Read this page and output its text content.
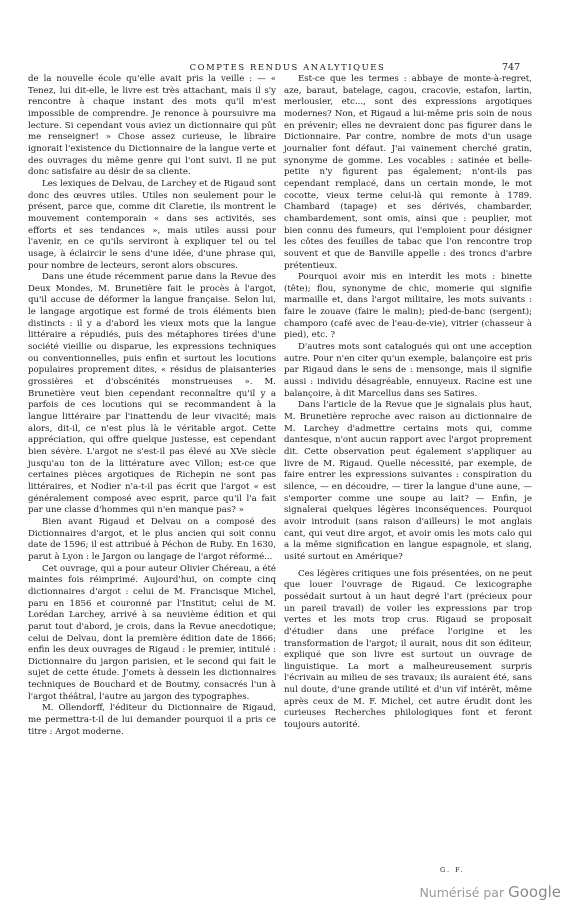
COMPTES RENDUS ANALYTIQUES	747

de la nouvelle école qu'elle avait pris la veille : — « Tenez, lui dit-elle, le livre est très attachant, mais il s'y rencontre à chaque instant des mots qu'il m'est impossible de comprendre. Je renonce à poursuivre ma lecture. Si cependant vous aviez un dictionnaire qui pût me renseigner! » Chose assez curieuse, le libraire ignorait l'existence du Dictionnaire de la langue verte et des ouvrages du même genre qui l'ont suivi. Il ne put donc satisfaire au désir de sa cliente.

Les lexiques de Delvau, de Larchey et de Rigaud sont donc des œuvres utiles. Utiles non seulement pour le présent, parce que, comme dit Claretie, ils montrent le mouvement contemporain « dans ses activités, ses efforts et ses tendances », mais utiles aussi pour l'avenir, en ce qu'ils serviront à expliquer tel ou tel usage, à éclaircir le sens d'une idée, d'une phrase qui, pour nombre de lecteurs, seront alors obscures.

Dans une étude récemment parue dans la Revue des Deux Mondes, M. Brunetière fait le procès à l'argot, qu'il accuse de déformer la langue française. Selon lui, le langage argotique est formé de trois éléments bien distincts : il y a d'abord les vieux mots que la langue littéraire a répudiés, puis des métaphores tirées d'une société vieillie ou disparue, les expressions techniques ou conventionnelles, puis enfin et surtout les locutions populaires proprement dites, « résidus de plaisanteries grossières et d'obscénités monstrueuses ». M. Brunetière veut bien cependant reconnaître qu'il y a parfois de ces locutions qui se recommandent à la langue littéraire par l'inattendu de leur vivacité; mais alors, dit-il, ce n'est plus là le véritable argot. Cette appréciation, qui offre quelque justesse, est cependant bien sévère. L'argot ne s'est-il pas élevé au XVe siècle jusqu'au ton de la littérature avec Villon; est-ce que certaines pièces argotiques de Richepin ne sont pas littéraires, et Nodier n'a-t-il pas écrit que l'argot « est généralement composé avec esprit, parce qu'il l'a fait par une classe d'hommes qui n'en manque pas? »

Bien avant Rigaud et Delvau on a composé des Dictionnaires d'argot, et le plus ancien qui soit connu date de 1596; il est attribué à Péchon de Ruby. En 1630, parut à Lyon : le Jargon ou langage de l'argot réformé...

Cet ouvrage, qui a pour auteur Olivier Chéreau, a été maintes fois réimprimé. Aujourd'hui, on compte cinq dictionnaires d'argot : celui de M. Francisque Michel, paru en 1856 et couronné par l'Institut; celui de M. Lorédan Larchey, arrivé à sa neuvième édition et qui parut tout d'abord, je crois, dans la Revue anecdotique; celui de Delvau, dont la première édition date de 1866; enfin les deux ouvrages de Rigaud : le premier, intitulé : Dictionnaire du jargon parisien, et le second qui fait le sujet de cette étude. J'omets à dessein les dictionnaires techniques de Bouchard et de Boutmy, consacrés l'un à l'argot théâtral, l'autre au jargon des typographes.

M. Ollendorff, l'éditeur du Dictionnaire de Rigaud, me permettra-t-il de lui demander pourquoi il a pris ce titre : Argot moderne.

Est-ce que les termes : abbaye de monte-à-regret, aze, baraut, batelage, cagou, cracovie, estafon, lartin, merlousier, etc..., sont des expressions argotiques modernes? Non, et Rigaud a lui-même pris soin de nous en prévenir; elles ne devraient donc pas figurer dans le Dictionnaire. Par contre, nombre de mots d'un usage journalier font défaut. J'ai vainement cherché gratin, synonyme de gomme. Les vocables : satinée et belle-petite n'y figurent pas également; n'ont-ils pas cependant remplacé, dans un certain monde, le mot cocotte, vieux terme celui-là qui remonte à 1789. Chambard (tapage) et ses dérivés, chambarder, chambardement, sont omis, ainsi que : peuplier, mot bien connu des fumeurs, qui l'emploient pour désigner les côtes des feuilles de tabac que l'on rencontre trop souvent et que de Banville appelle : des troncs d'arbre prétentieux.

Pourquoi avoir mis en interdit les mots : binette (tête); flou, synonyme de chic, momerie qui signifie marmaille et, dans l'argot militaire, les mots suivants : faire le zouave (faire le malin); pied-de-banc (sergent); champoro (café avec de l'eau-de-vie), vitrier (chasseur à pied), etc. ?

D'autres mots sont catalogués qui ont une acception autre. Pour n'en citer qu'un exemple, balançoire est pris par Rigaud dans le sens de : mensonge, mais il signifie aussi : individu désagréable, ennuyeux. Racine est une balançoire, à dit Marcellus dans ses Satires.

Dans l'article de la Revue que je signalais plus haut, M. Brunetière reproche avec raison au dictionnaire de M. Larchey d'admettre certains mots qui, comme dantesque, n'ont aucun rapport avec l'argot proprement dit. Cette observation peut également s'appliquer au livre de M. Rigaud. Quelle nécessité, par exemple, de faire entrer les expressions suivantes : conspiration du silence, — en découdre, — tirer la langue d'une aune, — s'emporter comme une soupe au lait? — Enfin, je signalerai quelques légères inconséquences. Pourquoi avoir introduit (sans raison d'ailleurs) le mot anglais cant, qui veut dire argot, et avoir omis les mots calo qui a la même signification en langue espagnole, et slang, usité surtout en Amérique?

Ces légères critiques une fois présentées, on ne peut que louer l'ouvrage de Rigaud. Ce lexicographe possédait surtout à un haut degré l'art (précieux pour un pareil travail) de voiler les expressions par trop vertes et les mots trop crus. Rigaud se proposait d'étudier dans une préface l'origine et les transformation de l'argot; il aurait, nous dit son éditeur, expliqué que son livre est surtout un ouvrage de linguistique. La mort a malheureusement surpris l'écrivain au milieu de ses travaux; ils auraient été, sans nul doute, d'une grande utilité et d'un vif intérêt, même après ceux de M. F. Michel, cet autre érudit dont les curieuses Recherches philologiques font et feront toujours autorité.

G. F.
Numérisé par Google
